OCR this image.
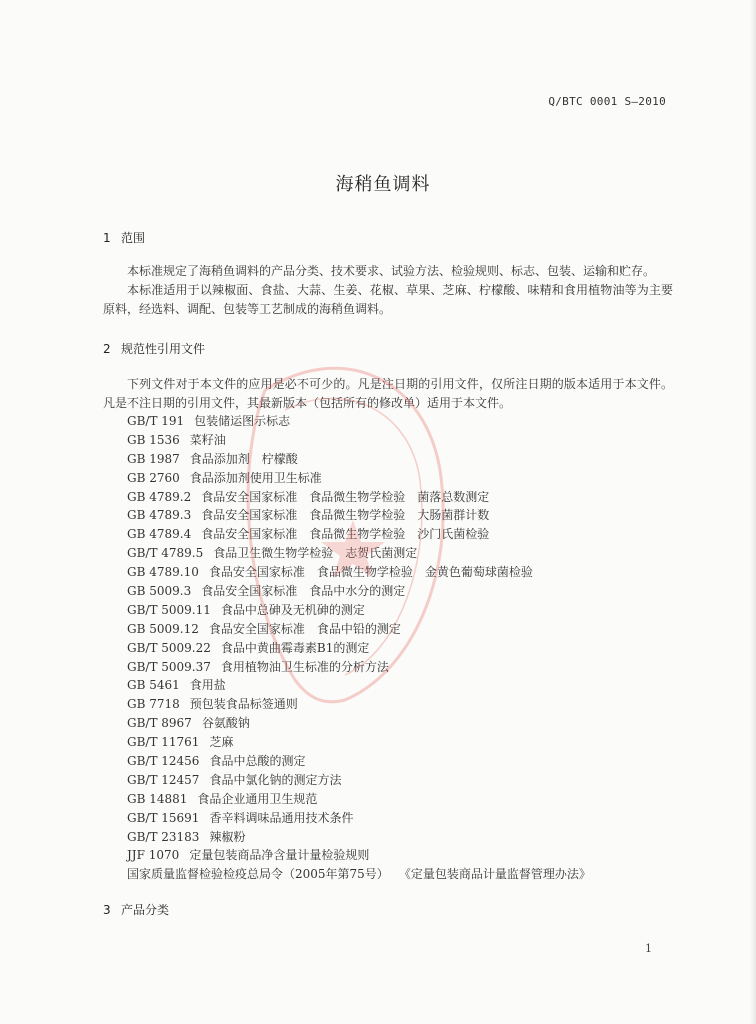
Q/BTC 0001 S—2010
海稍鱼调料
1 范围
本标准规定了海稍鱼调料的产品分类、技术要求、试验方法、检验规则、标志、包装、运输和贮存。
本标准适用于以辣椒面、食盐、大蒜、生姜、花椒、草果、芝麻、柠檬酸、味精和食用植物油等为主要原料，经选料、调配、包装等工艺制成的海稍鱼调料。
2 规范性引用文件
下列文件对于本文件的应用是必不可少的。凡是注日期的引用文件，仅所注日期的版本适用于本文件。凡是不注日期的引用文件，其最新版本（包括所有的修改单）适用于本文件。
GB/T 191 包装储运图示标志
GB 1536 菜籽油
GB 1987 食品添加剂　柠檬酸
GB 2760 食品添加剂使用卫生标准
GB 4789.2 食品安全国家标准　食品微生物学检验　菌落总数测定
GB 4789.3 食品安全国家标准　食品微生物学检验　大肠菌群计数
GB 4789.4 食品安全国家标准　食品微生物学检验　沙门氏菌检验
GB/T 4789.5 食品卫生微生物学检验　志贺氏菌测定
GB 4789.10 食品安全国家标准　食品微生物学检验　金黄色葡萄球菌检验
GB 5009.3 食品安全国家标准　食品中水分的测定
GB/T 5009.11 食品中总砷及无机砷的测定
GB 5009.12 食品安全国家标准　食品中铅的测定
GB/T 5009.22 食品中黄曲霉毒素B1的测定
GB/T 5009.37 食用植物油卫生标准的分析方法
GB 5461 食用盐
GB 7718 预包装食品标签通则
GB/T 8967 谷氨酸钠
GB/T 11761 芝麻
GB/T 12456 食品中总酸的测定
GB/T 12457 食品中氯化钠的测定方法
GB 14881 食品企业通用卫生规范
GB/T 15691 香辛料调味品通用技术条件
GB/T 23183 辣椒粉
JJF 1070 定量包装商品净含量计量检验规则
国家质量监督检验检疫总局令（2005年第75号） 《定量包装商品计量监督管理办法》
3 产品分类
1
